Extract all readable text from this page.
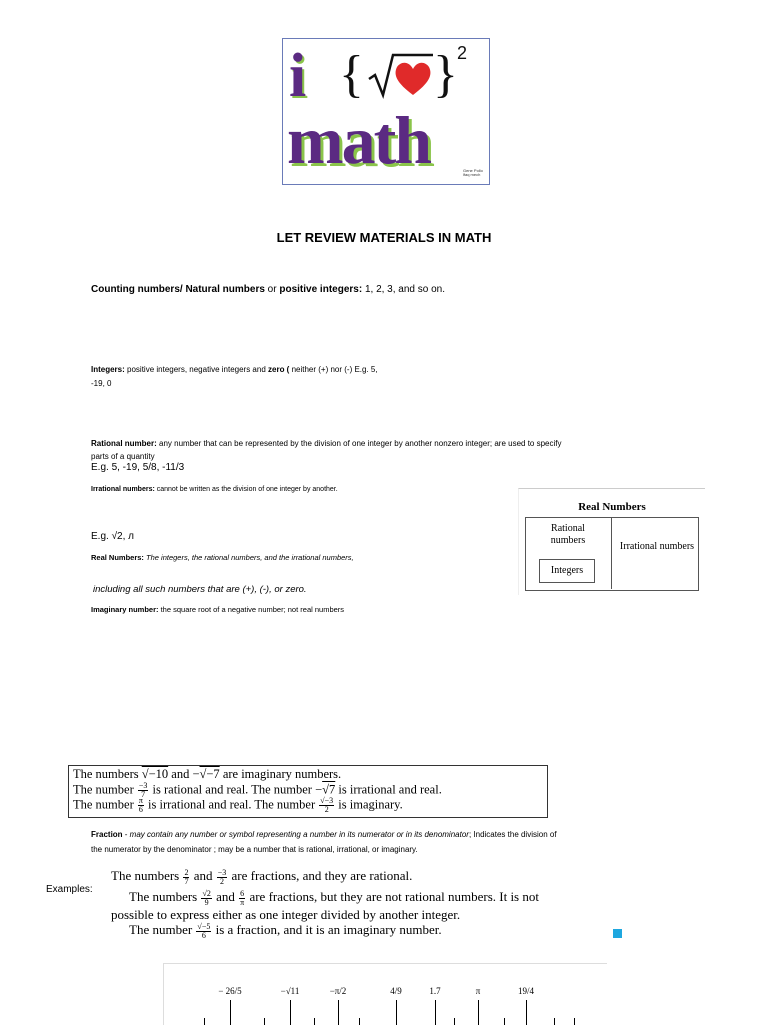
i { } 2
math	Gene Pollo
lfaq mech
LET REVIEW MATERIALS IN MATH
Counting numbers/ Natural numbers or positive integers: 1, 2, 3, and so on.
Integers: positive integers, negative integers and zero ( neither (+) nor (-) E.g. 5,
-19, 0
Rational number: any number that can be represented by the division of one integer by another nonzero integer; are used to specify
parts of a quantity
E.g. 5, -19, 5/8, -11/3
Irrational numbers: cannot be written as the division of one integer by another.
E.g. √2, л
Real Numbers: The integers, the rational numbers, and the irrational numbers,
including all such numbers that are (+), (-), or zero.
Imaginary number: the square root of a negative number; not real numbers
Real Numbers
Rational numbers
Irrational numbers
Integers
The numbers √−10 and −√−7 are imaginary numbers.
The number $\frac{-3}{7}$ is rational and real. The number −√7 is irrational and real.
The number $\frac{\pi}{6}$ is irrational and real. The number $\frac{√-3}{2}$ is imaginary.
Fraction - may contain any number or symbol representing a number in its numerator or in its denominator; Indicates the division of
the numerator by the denominator ; may be a number that is rational, irrational, or imaginary.
Examples:
The numbers $\frac{2}{7}$ and $\frac{-3}{2}$ are fractions, and they are rational.
The numbers $\frac{√2}{9}$ and $\frac{6}{\pi}$ are fractions, but they are not rational numbers. It is not
possible to express either as one integer divided by another integer.
The number $\frac{√-5}{6}$ is a fraction, and it is an imaginary number.
− 26/5	−√11	−π/2	4/9	1.7	π	19/4
